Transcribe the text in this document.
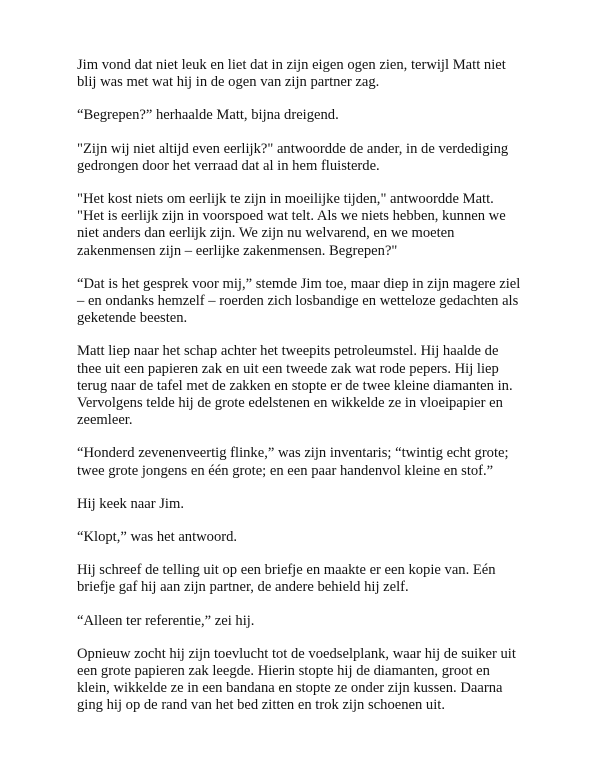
Jim vond dat niet leuk en liet dat in zijn eigen ogen zien, terwijl Matt niet
blij was met wat hij in de ogen van zijn partner zag.

“Begrepen?” herhaalde Matt, bijna dreigend.

"Zijn wij niet altijd even eerlijk?" antwoordde de ander, in de verdediging
gedrongen door het verraad dat al in hem fluisterde.

"Het kost niets om eerlijk te zijn in moeilijke tijden," antwoordde Matt.
"Het is eerlijk zijn in voorspoed wat telt. Als we niets hebben, kunnen we
niet anders dan eerlijk zijn. We zijn nu welvarend, en we moeten
zakenmensen zijn – eerlijke zakenmensen. Begrepen?"

“Dat is het gesprek voor mij,” stemde Jim toe, maar diep in zijn magere ziel
– en ondanks hemzelf – roerden zich losbandige en wetteloze gedachten als
geketende beesten.

Matt liep naar het schap achter het tweepits petroleumstel. Hij haalde de
thee uit een papieren zak en uit een tweede zak wat rode pepers. Hij liep
terug naar de tafel met de zakken en stopte er de twee kleine diamanten in.
Vervolgens telde hij de grote edelstenen en wikkelde ze in vloeipapier en
zeemleer.

“Honderd zevenenveertig flinke,” was zijn inventaris; “twintig echt grote;
twee grote jongens en één grote; en een paar handenvol kleine en stof.”

Hij keek naar Jim.

“Klopt,” was het antwoord.

Hij schreef de telling uit op een briefje en maakte er een kopie van. Eén
briefje gaf hij aan zijn partner, de andere behield hij zelf.

“Alleen ter referentie,” zei hij.

Opnieuw zocht hij zijn toevlucht tot de voedselplank, waar hij de suiker uit
een grote papieren zak leegde. Hierin stopte hij de diamanten, groot en
klein, wikkelde ze in een bandana en stopte ze onder zijn kussen. Daarna
ging hij op de rand van het bed zitten en trok zijn schoenen uit.
